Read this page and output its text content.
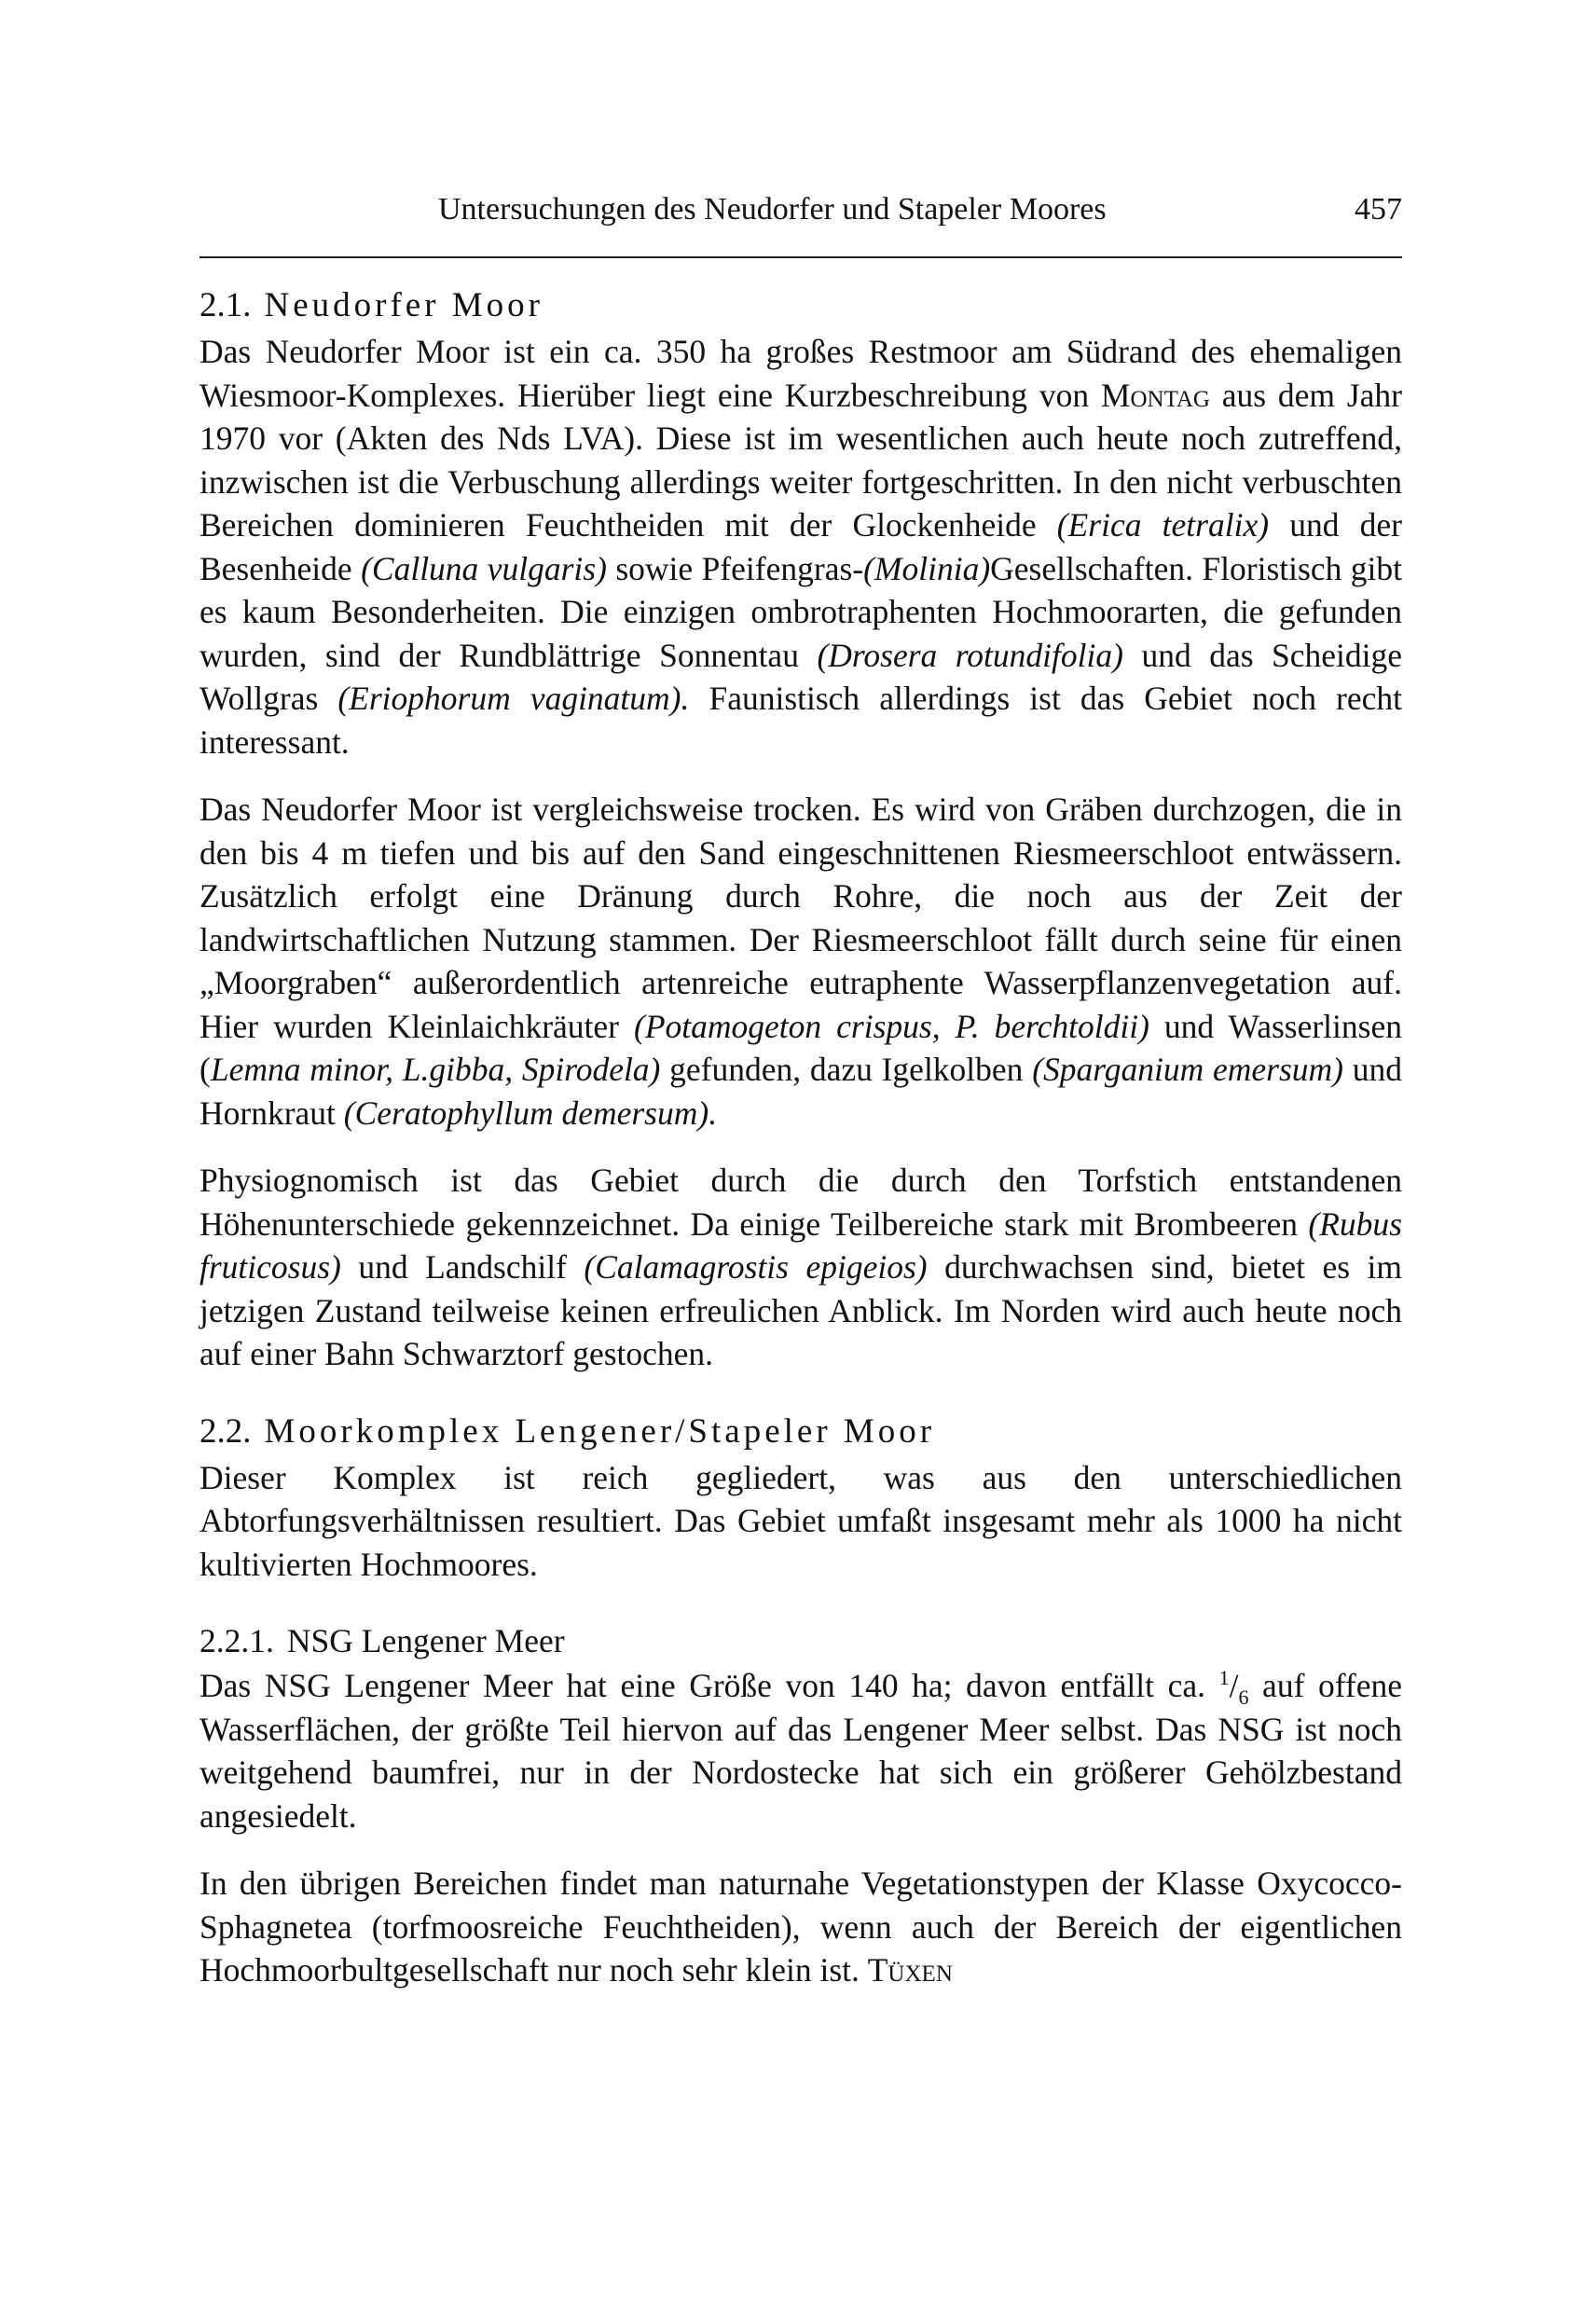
Untersuchungen des Neudorfer und Stapeler Moores	457
2.1. Neudorfer Moor

Das Neudorfer Moor ist ein ca. 350 ha großes Restmoor am Südrand des ehemaligen Wiesmoor-Komplexes. Hierüber liegt eine Kurzbeschreibung von Montag aus dem Jahr 1970 vor (Akten des Nds LVA). Diese ist im wesentlichen auch heute noch zutreffend, inzwischen ist die Verbuschung allerdings weiter fortgeschritten. In den nicht verbuschten Bereichen dominieren Feuchtheiden mit der Glockenheide (Erica tetralix) und der Besenheide (Calluna vulgaris) sowie Pfeifengras-(Molinia)Gesellschaften. Floristisch gibt es kaum Besonderheiten. Die einzigen ombrotraphenten Hochmoorarten, die gefunden wurden, sind der Rundblättrige Sonnentau (Drosera rotundifolia) und das Scheidige Wollgras (Eriophorum vaginatum). Faunistisch allerdings ist das Gebiet noch recht interessant.

Das Neudorfer Moor ist vergleichsweise trocken. Es wird von Gräben durchzogen, die in den bis 4 m tiefen und bis auf den Sand eingeschnittenen Riesmeerschloot entwässern. Zusätzlich erfolgt eine Dränung durch Rohre, die noch aus der Zeit der landwirtschaftlichen Nutzung stammen. Der Riesmeerschloot fällt durch seine für einen „Moorgraben“ außerordentlich artenreiche eutraphente Wasserpflanzenvegetation auf. Hier wurden Kleinlaichkräuter (Potamogeton crispus, P. berchtoldii) und Wasserlinsen (Lemna minor, L.gibba, Spirodela) gefunden, dazu Igelkolben (Sparganium emersum) und Hornkraut (Ceratophyllum demersum).

Physiognomisch ist das Gebiet durch die durch den Torfstich entstandenen Höhenunterschiede gekennzeichnet. Da einige Teilbereiche stark mit Brombeeren (Rubus fruticosus) und Landschilf (Calamagrostis epigeios) durchwachsen sind, bietet es im jetzigen Zustand teilweise keinen erfreulichen Anblick. Im Norden wird auch heute noch auf einer Bahn Schwarztorf gestochen.

2.2. Moorkomplex Lengener/Stapeler Moor

Dieser Komplex ist reich gegliedert, was aus den unterschiedlichen Abtorfungsverhältnissen resultiert. Das Gebiet umfaßt insgesamt mehr als 1000 ha nicht kultivierten Hochmoores.

2.2.1. NSG Lengener Meer

Das NSG Lengener Meer hat eine Größe von 140 ha; davon entfällt ca. $^1/_6$ auf offene Wasserflächen, der größte Teil hiervon auf das Lengener Meer selbst. Das NSG ist noch weitgehend baumfrei, nur in der Nordostecke hat sich ein größerer Gehölzbestand angesiedelt.

In den übrigen Bereichen findet man naturnahe Vegetationstypen der Klasse Oxycocco-Sphagnetea (torfmoosreiche Feuchtheiden), wenn auch der Bereich der eigentlichen Hochmoorbultgesellschaft nur noch sehr klein ist. Tüxen
